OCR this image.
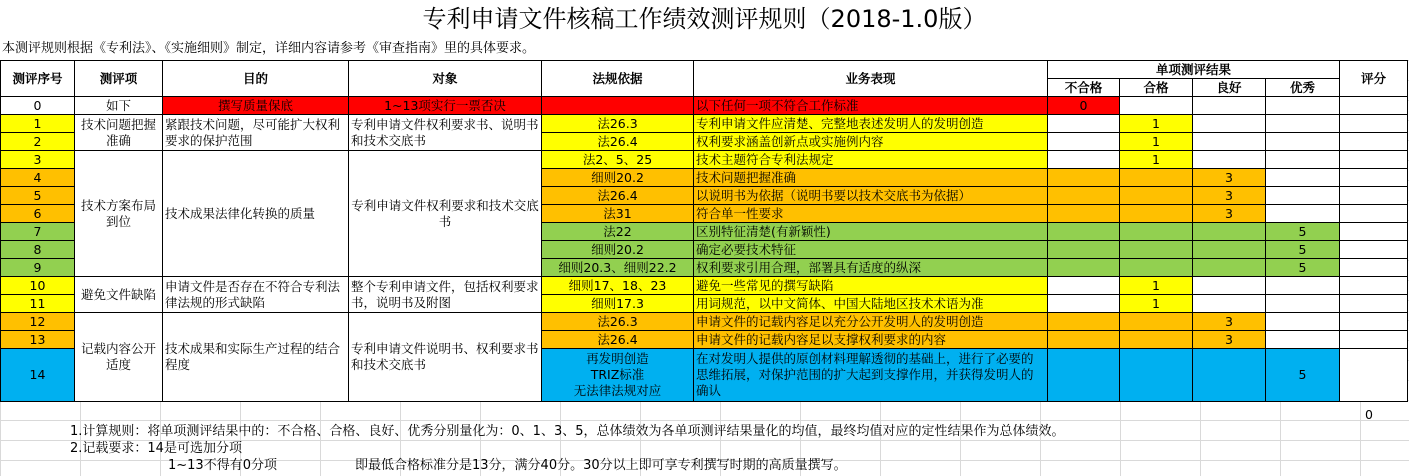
专利申请文件核稿工作绩效测评规则（2018-1.0版）
本测评规则根据《专利法》、《实施细则》制定，详细内容请参考《审查指南》里的具体要求。
测评序号	测评项	目的	对象	法规依据	业务表现	单项测评结果				评分
						不合格	合格	良好	优秀	
0	如下	撰写质量保底	1~13项实行一票否决		以下任何一项不符合工作标准	0				
1	技术问题把握准确	紧跟技术问题，尽可能扩大权利要求的保护范围	专利申请文件权利要求书、说明书和技术交底书	法26.3	专利申请文件应清楚、完整地表述发明人的发明创造		1			
2				法26.4	权利要求涵盖创新点或实施例内容		1			
3	技术方案布局到位	技术成果法律化转换的质量	专利申请文件权利要求和技术交底书	法2、5、25	技术主题符合专利法规定		1			
4				细则20.2	技术问题把握准确			3		
5				法26.4	以说明书为依据（说明书要以技术交底书为依据）			3		
6				法31	符合单一性要求			3		
7				法22	区别特征清楚(有新颖性)				5	
8				细则20.2	确定必要技术特征				5	
9				细则20.3、细则22.2	权利要求引用合理，部署具有适度的纵深				5	
10	避免文件缺陷	申请文件是否存在不符合专利法律法规的形式缺陷	整个专利申请文件，包括权利要求书，说明书及附图	细则17、18、23	避免一些常见的撰写缺陷		1			
11				细则17.3	用词规范，以中文简体、中国大陆地区技术术语为准		1			
12	记载内容公开适度	技术成果和实际生产过程的结合程度	专利申请文件说明书、权利要求书和技术交底书	法26.3	申请文件的记载内容足以充分公开发明人的发明创造			3		
13				法26.4	申请文件的记载内容足以支撑权利要求的内容			3		
14				再发明创造
TRIZ标准
无法律法规对应	在对发明人提供的原创材料理解透彻的基础上，进行了必要的思维拓展，对保护范围的扩大起到支撑作用，并获得发明人的确认				5	
0
1.计算规则：将单项测评结果中的：不合格、合格、良好、优秀分别量化为：0、1、3、5，总体绩效为各单项测评结果量化的均值，最终均值对应的定性结果作为总体绩效。
2.记载要求：14是可选加分项
1~13不得有0分项	即最低合格标准分是13分，满分40分。30分以上即可享专利撰写时期的高质量撰写。
